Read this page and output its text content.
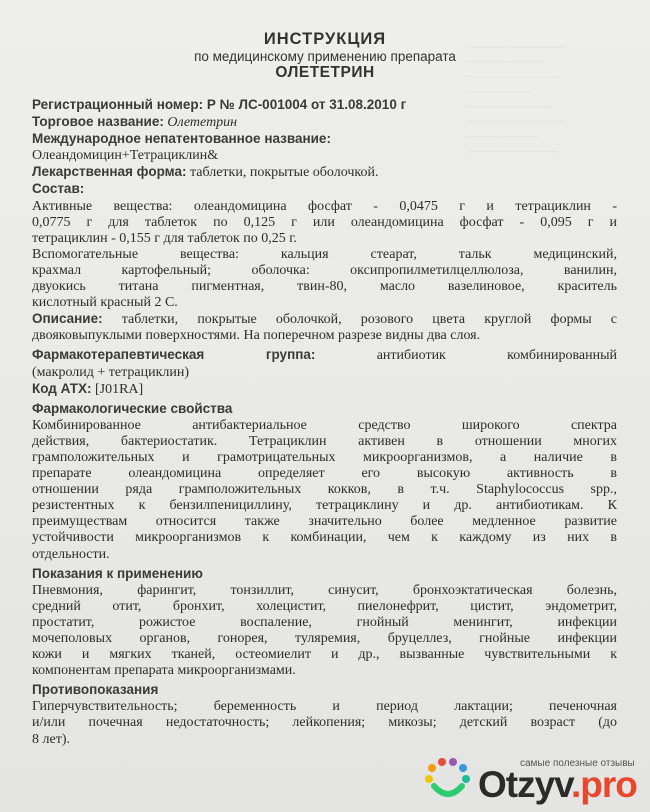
──────────────
───────────
─────────────
─────────
────────────
──────────────
──────────
─────────────
ИНСТРУКЦИЯ
по медицинскому применению препарата
ОЛЕТЕТРИН
Регистрационный номер: Р № ЛС-001004 от 31.08.2010 г
Торговое название: Олететрин
Международное непатентованное название:
Олеандомицин+Тетрациклин&
Лекарственная форма: таблетки, покрытые оболочкой.
Состав:
Активные вещества: олеандомицина фосфат - 0,0475 г и тетрациклин -
0,0775 г для таблеток по 0,125 г или олеандомицина фосфат - 0,095 г и
тетрациклин - 0,155 г для таблеток по 0,25 г.
Вспомогательные вещества: кальция стеарат, тальк медицинский,
крахмал картофельный; оболочка: оксипропилметилцеллюлоза, ванилин,
двуокись титана пигментная, твин-80, масло вазелиновое, краситель
кислотный красный 2 С.
Описание: таблетки, покрытые оболочкой, розового цвета круглой формы с
двояковыпуклыми поверхностями. На поперечном разрезе видны два слоя.
Фармакотерапевтическая группа: антибиотик комбинированный
(макролид + тетрациклин)
Код АТХ: [J01RA]
Фармакологические свойства
Комбинированное антибактериальное средство широкого спектра
действия, бактериостатик. Тетрациклин активен в отношении многих
грамположительных и грамотрицательных микроорганизмов, а наличие в
препарате олеандомицина определяет его высокую активность в
отношении ряда грамположительных кокков, в т.ч. Staphylococcus spp.,
резистентных к бензилпенициллину, тетрациклину и др. антибиотикам. К
преимуществам относится также значительно более медленное развитие
устойчивости микроорганизмов к комбинации, чем к каждому из них в
отдельности.
Показания к применению
Пневмония, фарингит, тонзиллит, синусит, бронхоэктатическая болезнь,
средний отит, бронхит, холецистит, пиелонефрит, цистит, эндометрит,
простатит, рожистое воспаление, гнойный менингит, инфекции
мочеполовых органов, гонорея, туляремия, бруцеллез, гнойные инфекции
кожи и мягких тканей, остеомиелит и др., вызванные чувствительными к
компонентам препарата микроорганизмами.
Противопоказания
Гиперчувствительность; беременность и период лактации; печеночная
и/или почечная недостаточность; лейкопения; микозы; детский возраст (до
8 лет).
самые полезные отзывы
Otzyv.pro
